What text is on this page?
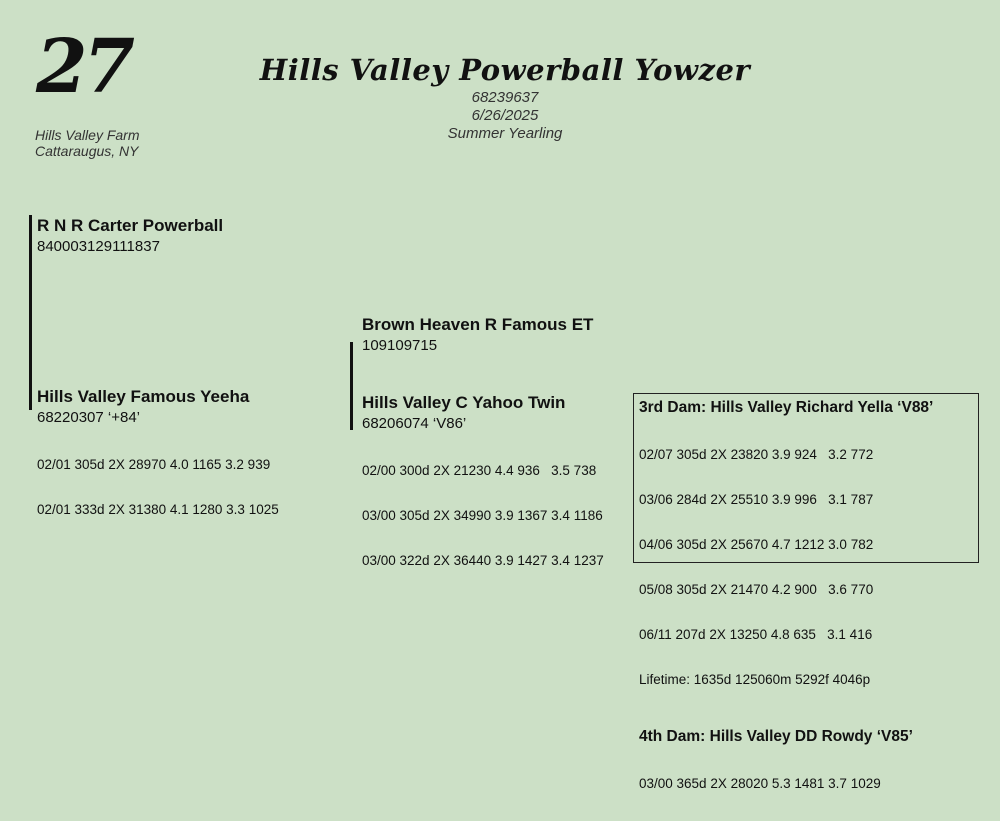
27
Hills Valley Farm
Cattaraugus, NY
Hills Valley Powerball Yowzer
68239637
6/26/2025
Summer Yearling
R N R Carter Powerball
840003129111837
Hills Valley Famous Yeeha
68220307 ‘+84’

02/01 305d 2X 28970 4.0 1165 3.2 939

02/01 333d 2X 31380 4.1 1280 3.3 1025

Brown Heaven R Famous ET
109109715
Hills Valley C Yahoo Twin
68206074 ‘V86’

02/00 300d 2X 21230 4.4 936   3.5 738

03/00 305d 2X 34990 3.9 1367 3.4 1186

03/00 322d 2X 36440 3.9 1427 3.4 1237

3rd Dam: Hills Valley Richard Yella ‘V88’

02/07 305d 2X 23820 3.9 924   3.2 772

03/06 284d 2X 25510 3.9 996   3.1 787

04/06 305d 2X 25670 4.7 1212 3.0 782

05/08 305d 2X 21470 4.2 900   3.6 770

06/11 207d 2X 13250 4.8 635   3.1 416

Lifetime: 1635d 125060m 5292f 4046p

4th Dam: Hills Valley DD Rowdy ‘V85’

03/00 365d 2X 28020 5.3 1481 3.7 1029
